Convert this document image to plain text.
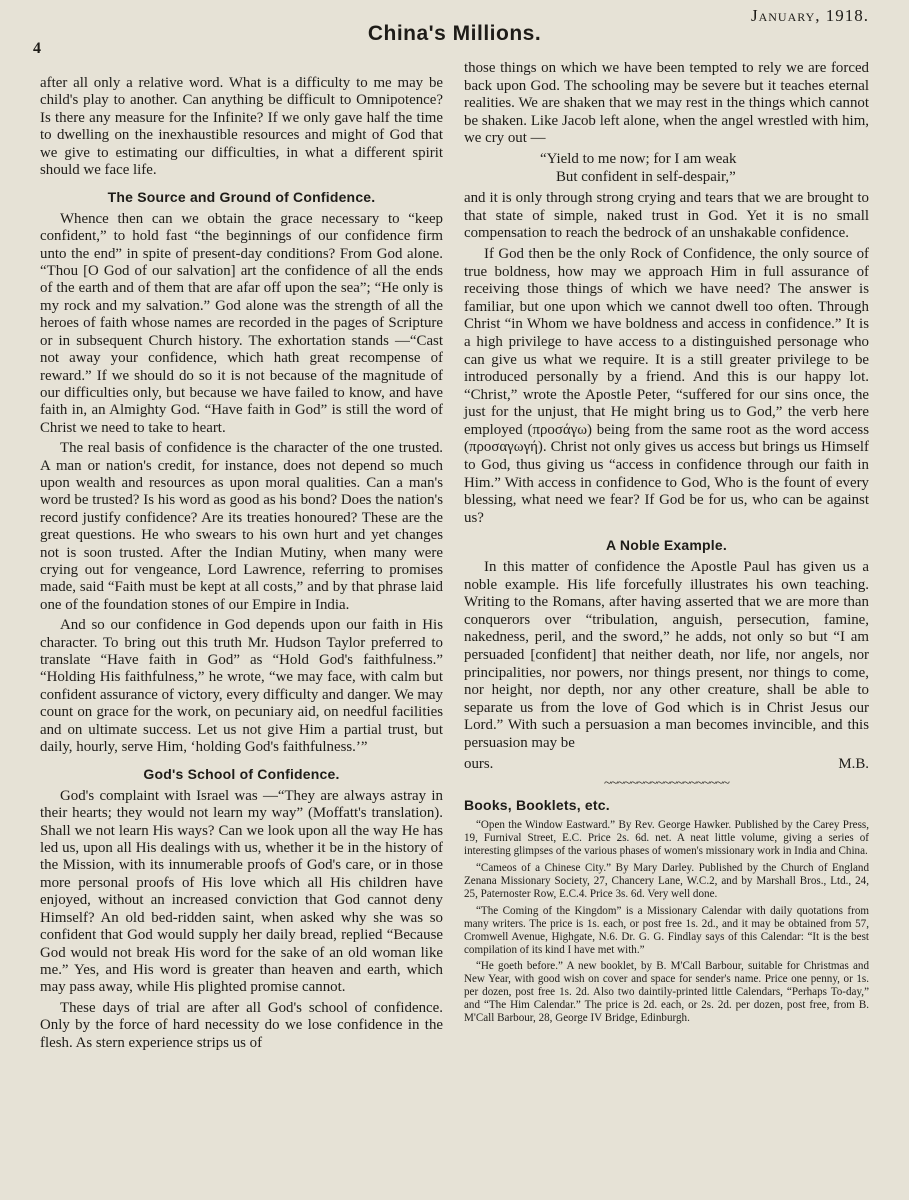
4
China's Millions.
January, 1918.

after all only a relative word. What is a difficulty to me may be child's play to another. Can anything be difficult to Omnipotence? Is there any measure for the Infinite? If we only gave half the time to dwelling on the inexhaustible resources and might of God that we give to estimating our difficulties, in what a different spirit should we face life.

The Source and Ground of Confidence.

Whence then can we obtain the grace necessary to “keep confident,” to hold fast “the beginnings of our confidence firm unto the end” in spite of present-day conditions? From God alone. “Thou [O God of our salvation] art the confidence of all the ends of the earth and of them that are afar off upon the sea”; “He only is my rock and my salvation.” God alone was the strength of all the heroes of faith whose names are recorded in the pages of Scripture or in subsequent Church history. The exhortation stands —“Cast not away your confidence, which hath great recompense of reward.” If we should do so it is not because of the magnitude of our difficulties only, but because we have failed to know, and have faith in, an Almighty God. “Have faith in God” is still the word of Christ we need to take to heart.

The real basis of confidence is the character of the one trusted. A man or nation's credit, for instance, does not depend so much upon wealth and resources as upon moral qualities. Can a man's word be trusted? Is his word as good as his bond? Does the nation's record justify confidence? Are its treaties honoured? These are the great questions. He who swears to his own hurt and yet changes not is soon trusted. After the Indian Mutiny, when many were crying out for vengeance, Lord Lawrence, referring to promises made, said “Faith must be kept at all costs,” and by that phrase laid one of the foundation stones of our Empire in India.

And so our confidence in God depends upon our faith in His character. To bring out this truth Mr. Hudson Taylor preferred to translate “Have faith in God” as “Hold God's faithfulness.” “Holding His faithfulness,” he wrote, “we may face, with calm but confident assurance of victory, every difficulty and danger. We may count on grace for the work, on pecuniary aid, on needful facilities and on ultimate success. Let us not give Him a partial trust, but daily, hourly, serve Him, ‘holding God's faithfulness.’”

God's School of Confidence.

God's complaint with Israel was —“They are always astray in their hearts; they would not learn my way” (Moffatt's translation). Shall we not learn His ways? Can we look upon all the way He has led us, upon all His dealings with us, whether it be in the history of the Mission, with its innumerable proofs of God's care, or in those more personal proofs of His love which all His children have enjoyed, without an increased conviction that God cannot deny Himself? An old bed-ridden saint, when asked why she was so confident that God would supply her daily bread, replied “Because God would not break His word for the sake of an old woman like me.” Yes, and His word is greater than heaven and earth, which may pass away, while His plighted promise cannot.

These days of trial are after all God's school of confidence. Only by the force of hard necessity do we lose confidence in the flesh. As stern experience strips us of

those things on which we have been tempted to rely we are forced back upon God. The schooling may be severe but it teaches eternal realities. We are shaken that we may rest in the things which cannot be shaken. Like Jacob left alone, when the angel wrestled with him, we cry out —

“Yield to me now; for I am weak
But confident in self-despair,”

and it is only through strong crying and tears that we are brought to that state of simple, naked trust in God. Yet it is no small compensation to reach the bedrock of an unshakable confidence.

If God then be the only Rock of Confidence, the only source of true boldness, how may we approach Him in full assurance of receiving those things of which we have need? The answer is familiar, but one upon which we cannot dwell too often. Through Christ “in Whom we have boldness and access in confidence.” It is a high privilege to have access to a distinguished personage who can give us what we require. It is a still greater privilege to be introduced personally by a friend. And this is our happy lot. “Christ,” wrote the Apostle Peter, “suffered for our sins once, the just for the unjust, that He might bring us to God,” the verb here employed (προσάγω) being from the same root as the word access (προσαγωγή). Christ not only gives us access but brings us Himself to God, thus giving us “access in confidence through our faith in Him.” With access in confidence to God, Who is the fount of every blessing, what need we fear? If God be for us, who can be against us?

A Noble Example.

In this matter of confidence the Apostle Paul has given us a noble example. His life forcefully illustrates his own teaching. Writing to the Romans, after having asserted that we are more than conquerors over “tribulation, anguish, persecution, famine, nakedness, peril, and the sword,” he adds, not only so but “I am persuaded [confident] that neither death, nor life, nor angels, nor principalities, nor powers, nor things present, nor things to come, nor height, nor depth, nor any other creature, shall be able to separate us from the love of God which is in Christ Jesus our Lord.” With such a persuasion a man becomes invincible, and this persuasion may be

ours.	M.B.
~~~~~~~~~~~~~~~~~~~
Books, Booklets, etc.

“Open the Window Eastward.” By Rev. George Hawker. Published by the Carey Press, 19, Furnival Street, E.C. Price 2s. 6d. net. A neat little volume, giving a series of interesting glimpses of the various phases of women's missionary work in India and China.

“Cameos of a Chinese City.” By Mary Darley. Published by the Church of England Zenana Missionary Society, 27, Chancery Lane, W.C.2, and by Marshall Bros., Ltd., 24, 25, Paternoster Row, E.C.4. Price 3s. 6d. Very well done.

“The Coming of the Kingdom” is a Missionary Calendar with daily quotations from many writers. The price is 1s. each, or post free 1s. 2d., and it may be obtained from 57, Cromwell Avenue, Highgate, N.6. Dr. G. G. Findlay says of this Calendar: “It is the best compilation of its kind I have met with.”

“He goeth before.” A new booklet, by B. M'Call Barbour, suitable for Christmas and New Year, with good wish on cover and space for sender's name. Price one penny, or 1s. per dozen, post free 1s. 2d. Also two daintily-printed little Calendars, “Perhaps To-day,” and “The Him Calendar.” The price is 2d. each, or 2s. 2d. per dozen, post free, from B. M'Call Barbour, 28, George IV Bridge, Edinburgh.
